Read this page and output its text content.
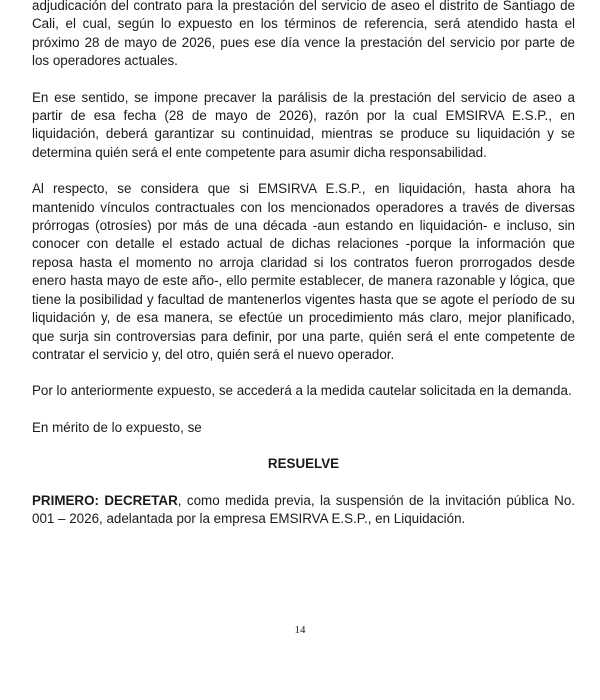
adjudicación del contrato para la prestación del servicio de aseo el distrito de Santiago de Cali, el cual, según lo expuesto en los términos de referencia, será atendido hasta el próximo 28 de mayo de 2026, pues ese día vence la prestación del servicio por parte de los operadores actuales.

En ese sentido, se impone precaver la parálisis de la prestación del servicio de aseo a partir de esa fecha (28 de mayo de 2026), razón por la cual EMSIRVA E.S.P., en liquidación, deberá garantizar su continuidad, mientras se produce su liquidación y se determina quién será el ente competente para asumir dicha responsabilidad.

Al respecto, se considera que si EMSIRVA E.S.P., en liquidación, hasta ahora ha mantenido vínculos contractuales con los mencionados operadores a través de diversas prórrogas (otrosíes) por más de una década -aun estando en liquidación- e incluso, sin conocer con detalle el estado actual de dichas relaciones -porque la información que reposa hasta el momento no arroja claridad si los contratos fueron prorrogados desde enero hasta mayo de este año-, ello permite establecer, de manera razonable y lógica, que tiene la posibilidad y facultad de mantenerlos vigentes hasta que se agote el período de su liquidación y, de esa manera, se efectúe un procedimiento más claro, mejor planificado, que surja sin controversias para definir, por una parte, quién será el ente competente de contratar el servicio y, del otro, quién será el nuevo operador.

Por lo anteriormente expuesto, se accederá a la medida cautelar solicitada en la demanda.

En mérito de lo expuesto, se

RESUELVE

PRIMERO: DECRETAR, como medida previa, la suspensión de la invitación pública No. 001 – 2026, adelantada por la empresa EMSIRVA E.S.P., en Liquidación.

14
